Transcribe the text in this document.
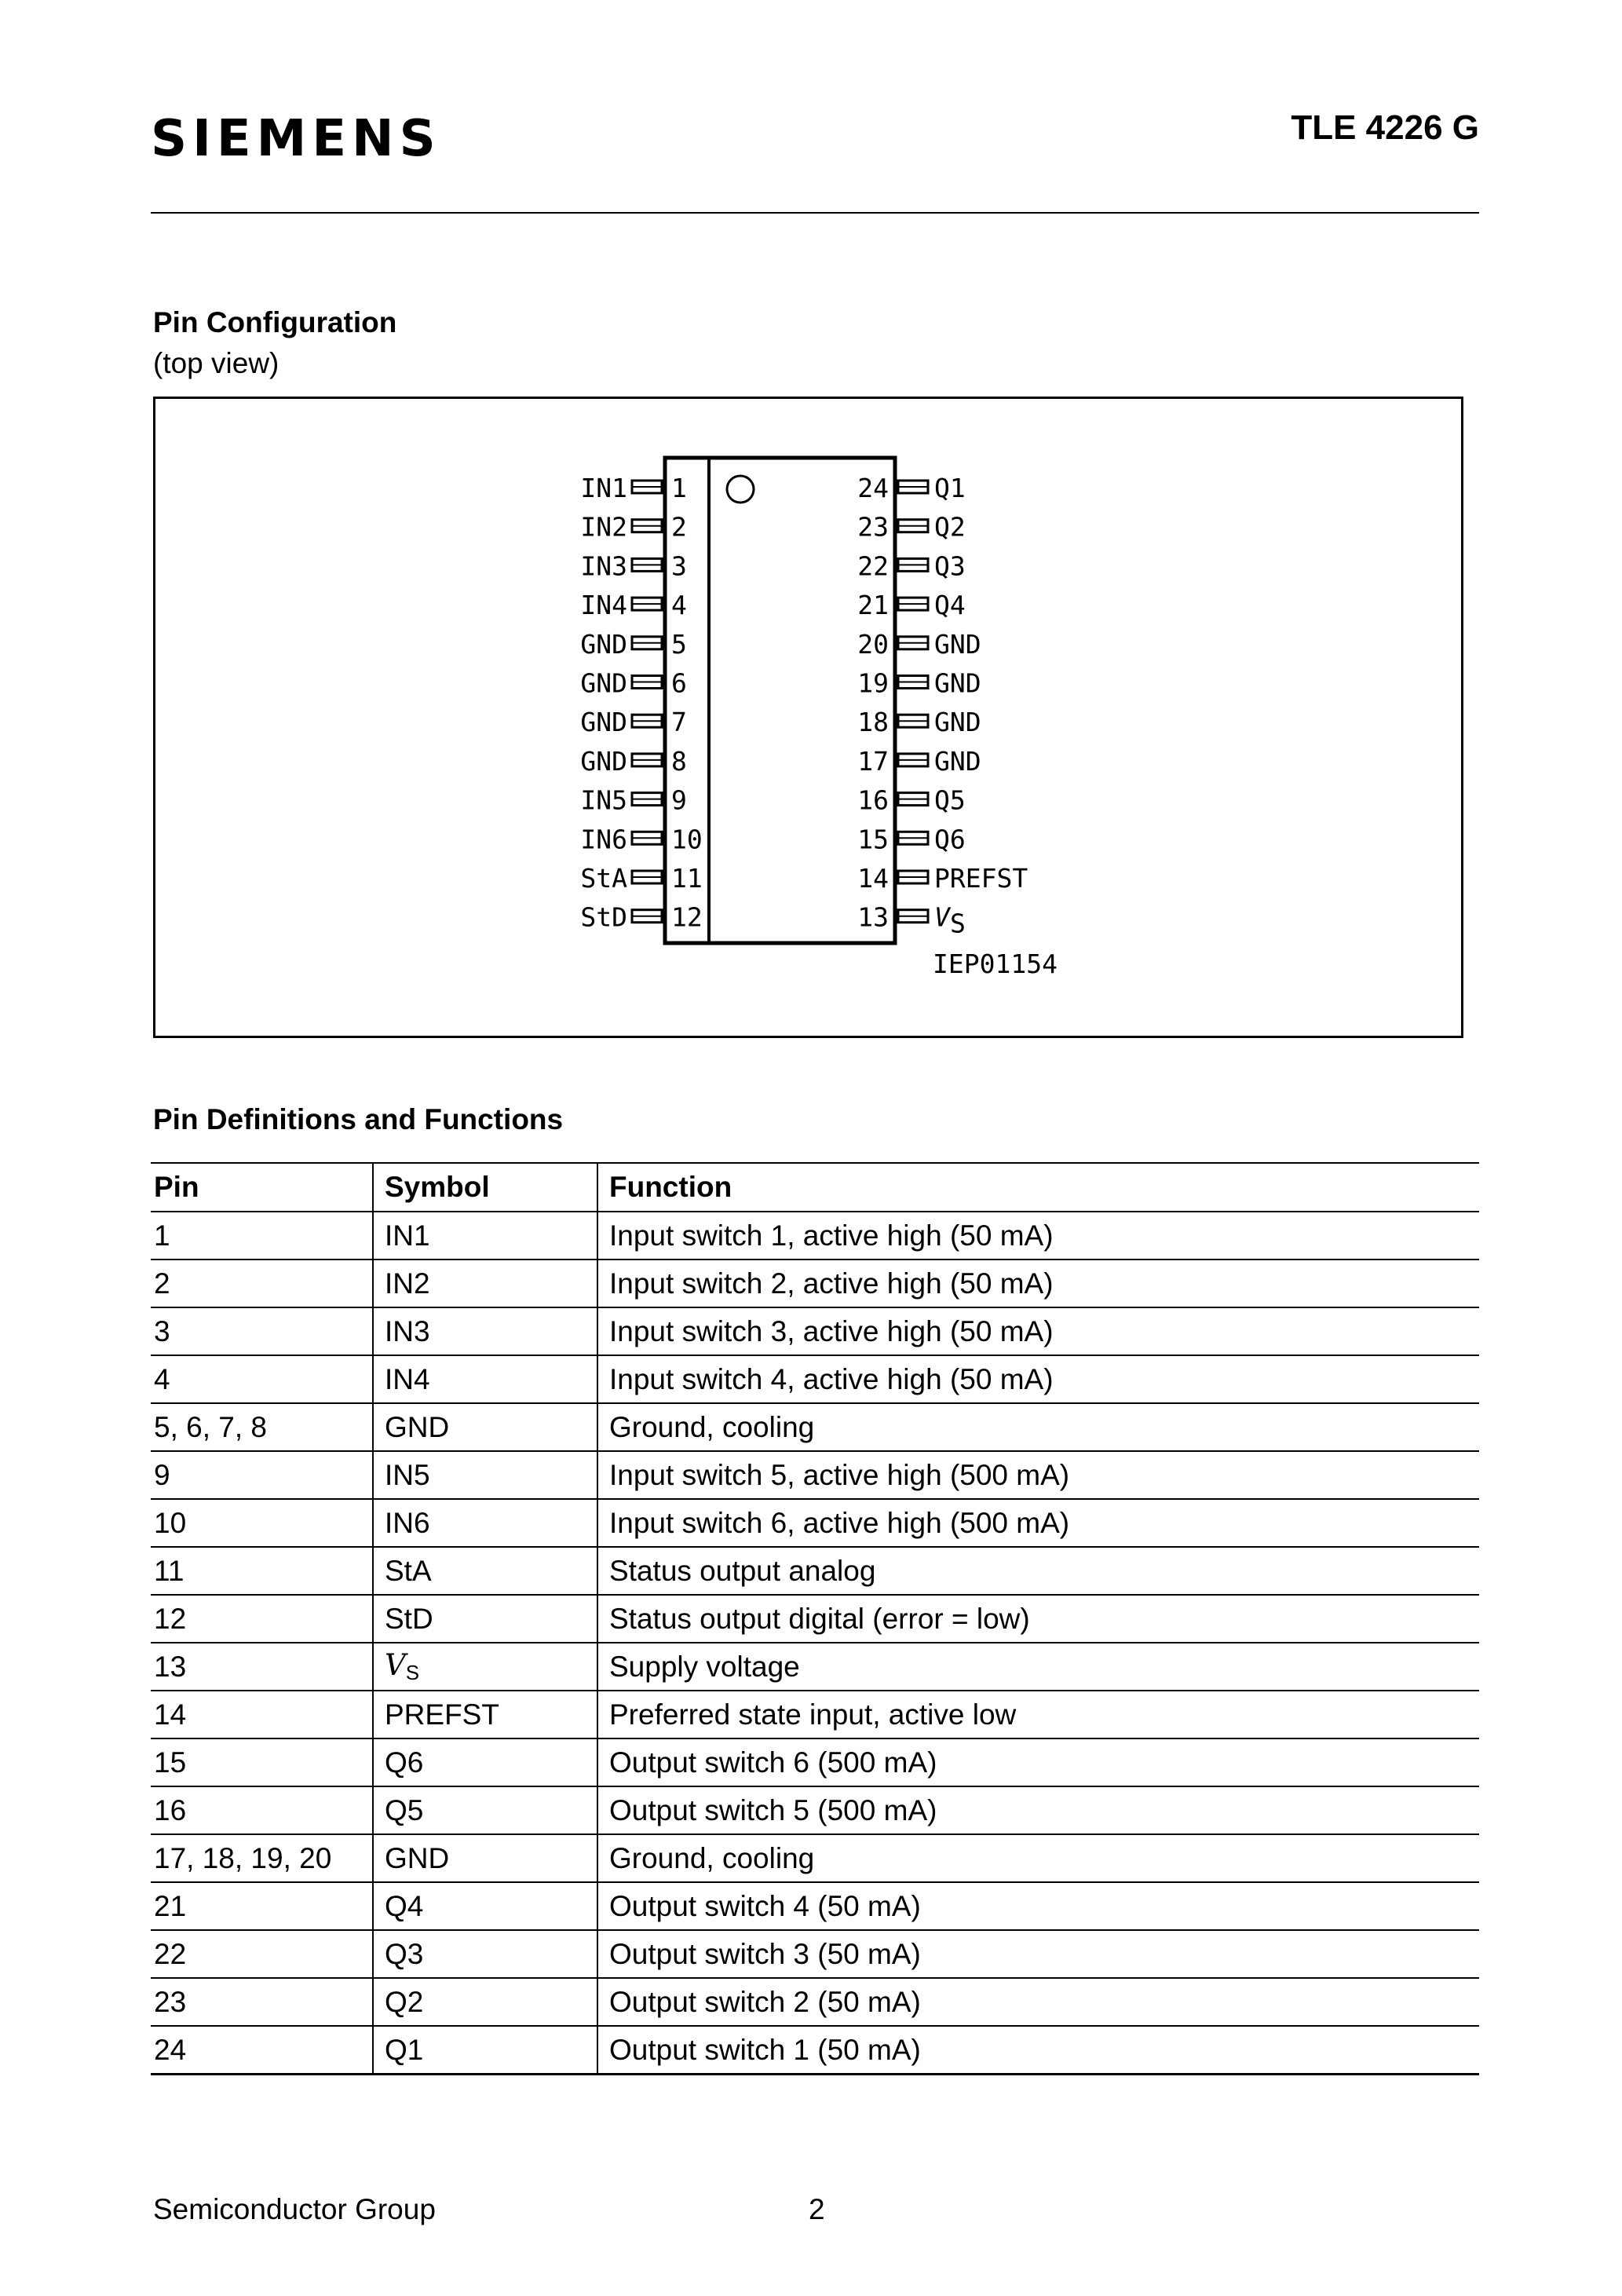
SIEMENS	TLE 4226 G
Pin Configuration
(top view)
1
IN1
2
IN2
3
IN3
4
IN4
5
GND
6
GND
7
GND
8
GND
9
IN5
10
IN6
11
StA
12
StD
24 Q1
23 Q2
22 Q3
21 Q4
20 GND
19 GND
18 GND
17 GND
16 Q5
15 Q6
14 PREFST
13 V S
IEP01154
Pin Definitions and Functions
Pin	Symbol	Function
1	IN1	Input switch 1, active high (50 mA)
2	IN2	Input switch 2, active high (50 mA)
3	IN3	Input switch 3, active high (50 mA)
4	IN4	Input switch 4, active high (50 mA)
5, 6, 7, 8	GND	Ground, cooling
9	IN5	Input switch 5, active high (500 mA)
10	IN6	Input switch 6, active high (500 mA)
11	StA	Status output analog
12	StD	Status output digital (error = low)
13	VS	Supply voltage
14	PREFST	Preferred state input, active low
15	Q6	Output switch 6 (500 mA)
16	Q5	Output switch 5 (500 mA)
17, 18, 19, 20	GND	Ground, cooling
21	Q4	Output switch 4 (50 mA)
22	Q3	Output switch 3 (50 mA)
23	Q2	Output switch 2 (50 mA)
24	Q1	Output switch 1 (50 mA)
Semiconductor Group	2
